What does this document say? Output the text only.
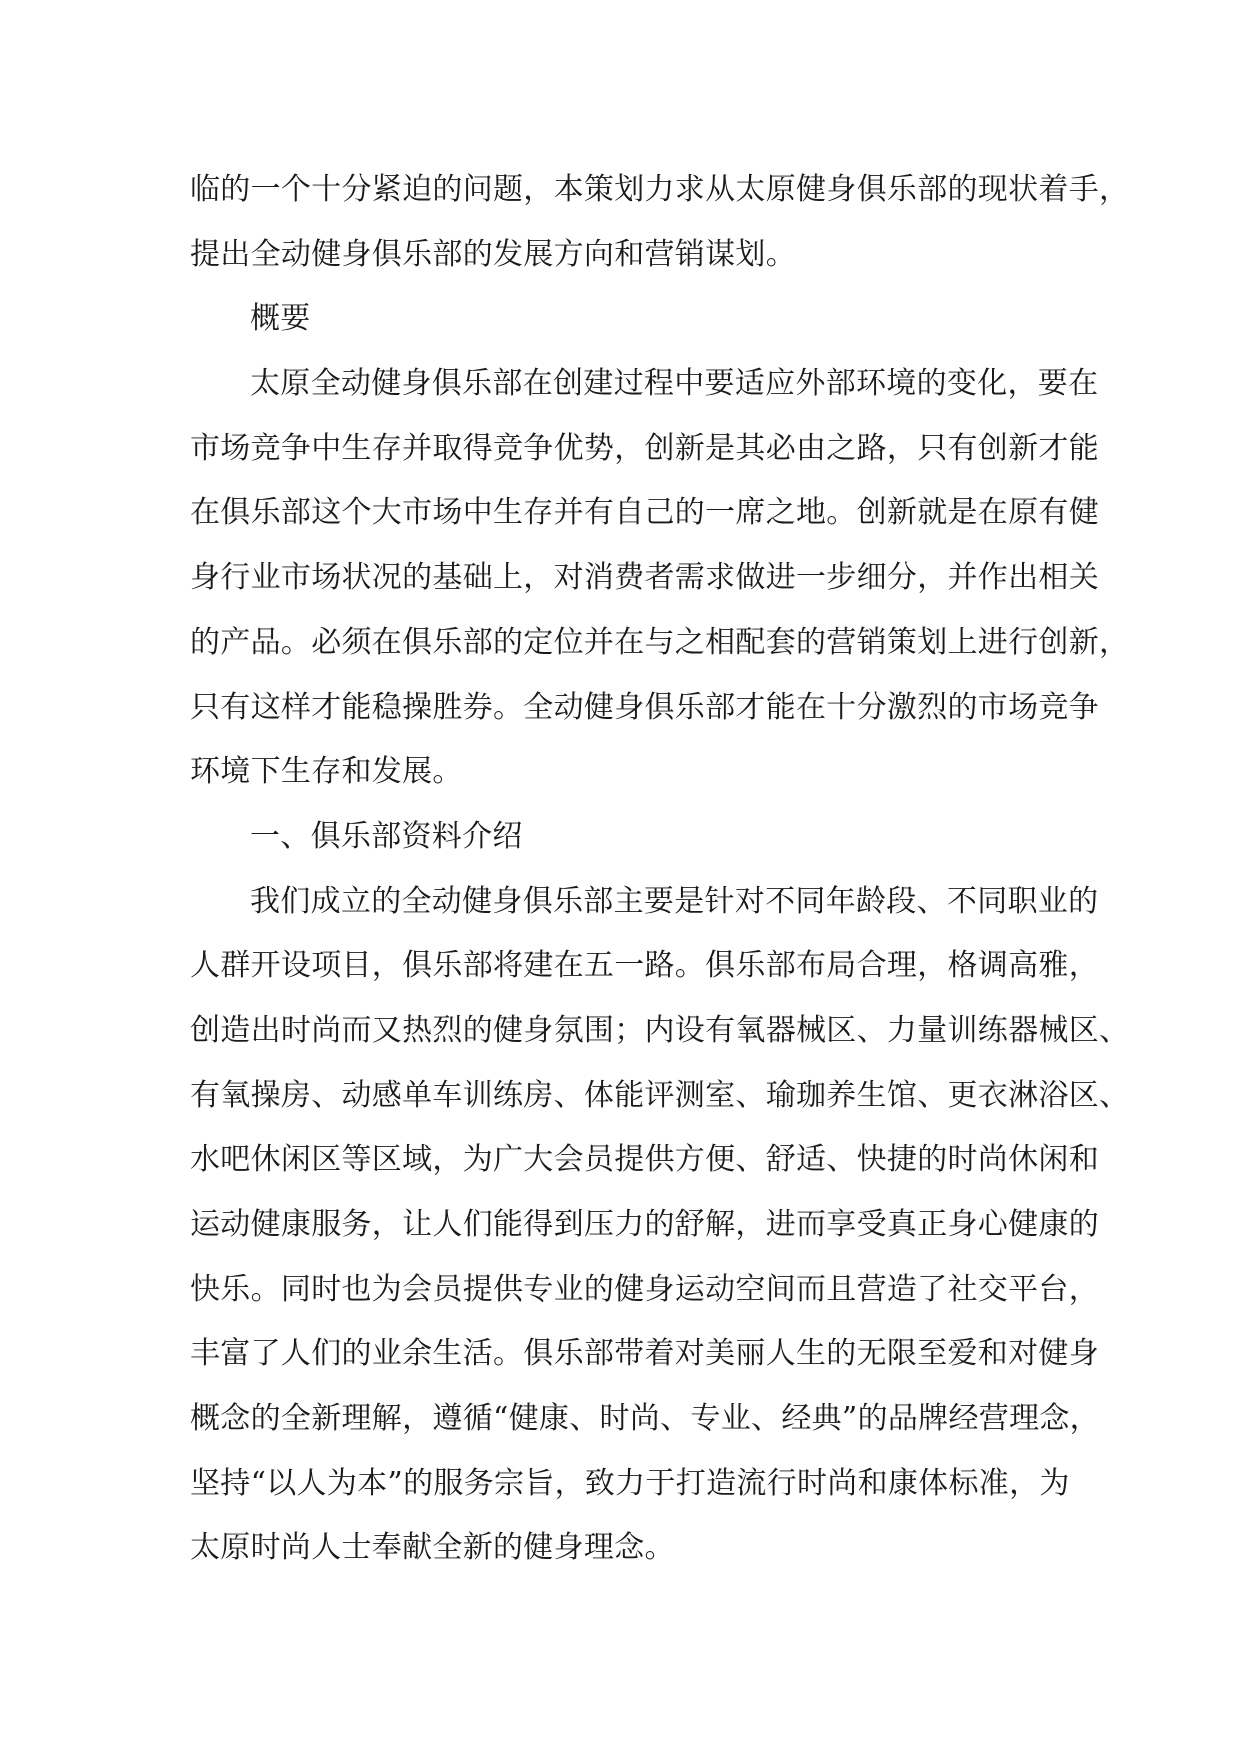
临的一个十分紧迫的问题，本策划力求从太原健身俱乐部的现状着手，
提出全动健身俱乐部的发展方向和营销谋划。
概要
太原全动健身俱乐部在创建过程中要适应外部环境的变化，要在
市场竞争中生存并取得竞争优势，创新是其必由之路，只有创新才能
在俱乐部这个大市场中生存并有自己的一席之地。创新就是在原有健
身行业市场状况的基础上，对消费者需求做进一步细分，并作出相关
的产品。必须在俱乐部的定位并在与之相配套的营销策划上进行创新，
只有这样才能稳操胜券。全动健身俱乐部才能在十分激烈的市场竞争
环境下生存和发展。
一、俱乐部资料介绍
我们成立的全动健身俱乐部主要是针对不同年龄段、不同职业的
人群开设项目，俱乐部将建在五一路。俱乐部布局合理，格调高雅，
创造出时尚而又热烈的健身氛围；内设有氧器械区、力量训练器械区、
有氧操房、动感单车训练房、体能评测室、瑜珈养生馆、更衣淋浴区、
水吧休闲区等区域，为广大会员提供方便、舒适、快捷的时尚休闲和
运动健康服务，让人们能得到压力的舒解，进而享受真正身心健康的
快乐。同时也为会员提供专业的健身运动空间而且营造了社交平台，
丰富了人们的业余生活。俱乐部带着对美丽人生的无限至爱和对健身
概念的全新理解，遵循“健康、时尚、专业、经典”的品牌经营理念，
坚持“以人为本”的服务宗旨，致力于打造流行时尚和康体标准，为
太原时尚人士奉献全新的健身理念。
